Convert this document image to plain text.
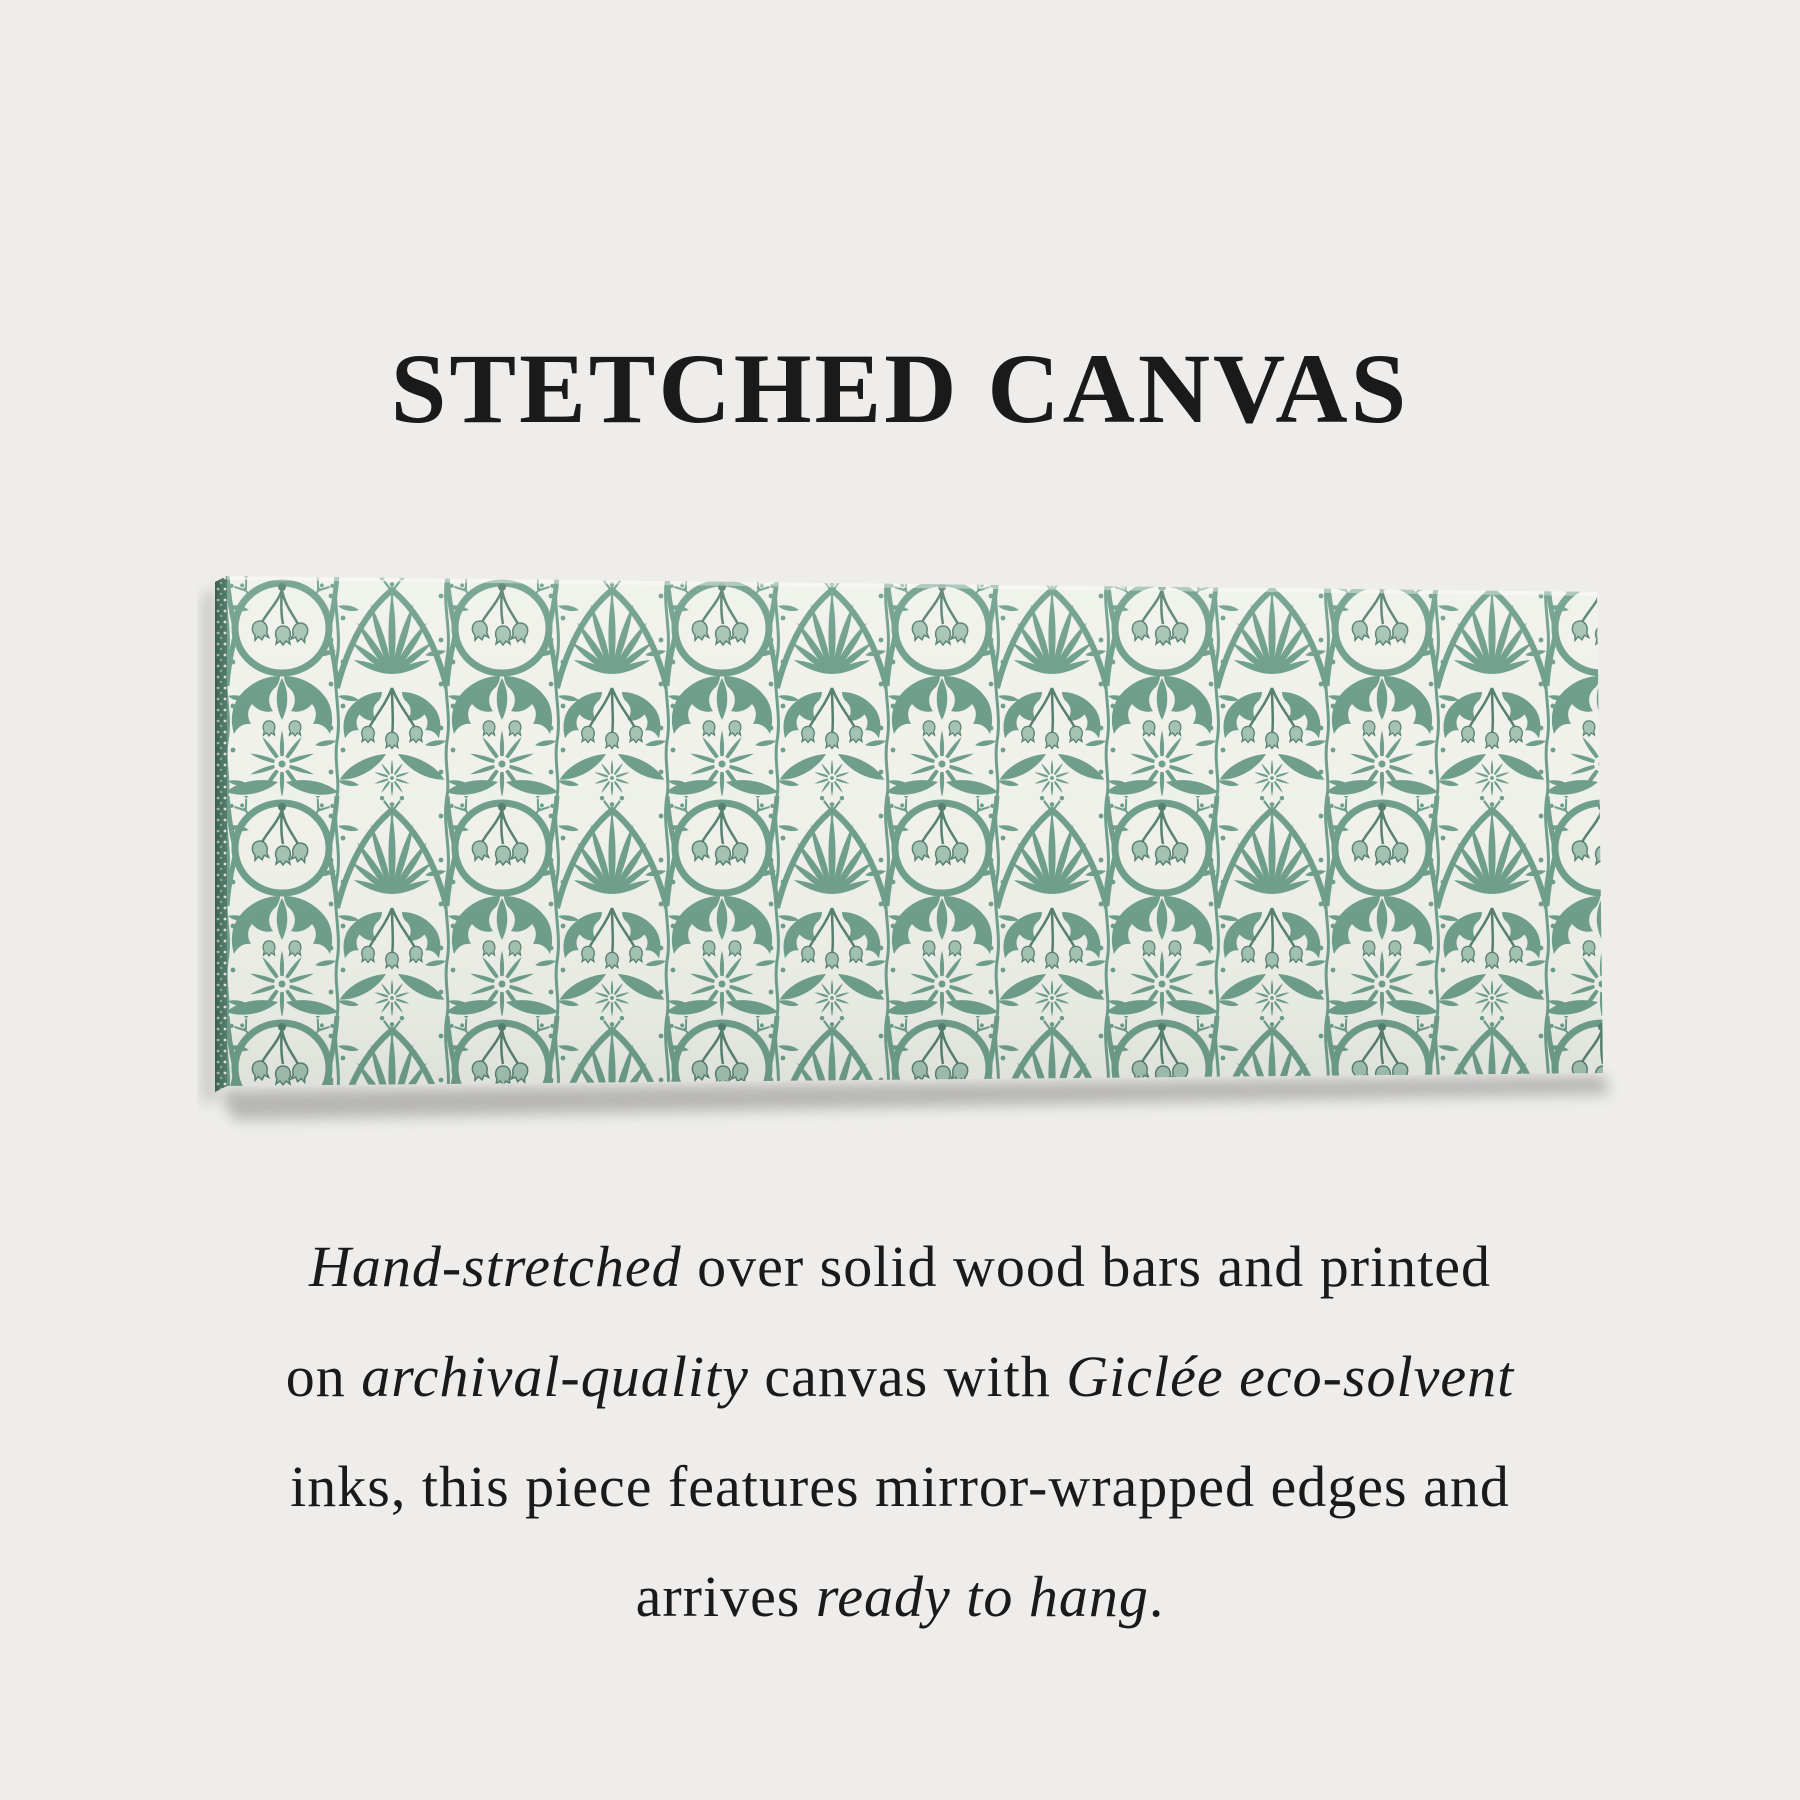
STETCHED CANVAS
Hand-stretched over solid wood bars and printed
on archival-quality canvas with Giclée eco-solvent
inks, this piece features mirror-wrapped edges and
arrives ready to hang.
